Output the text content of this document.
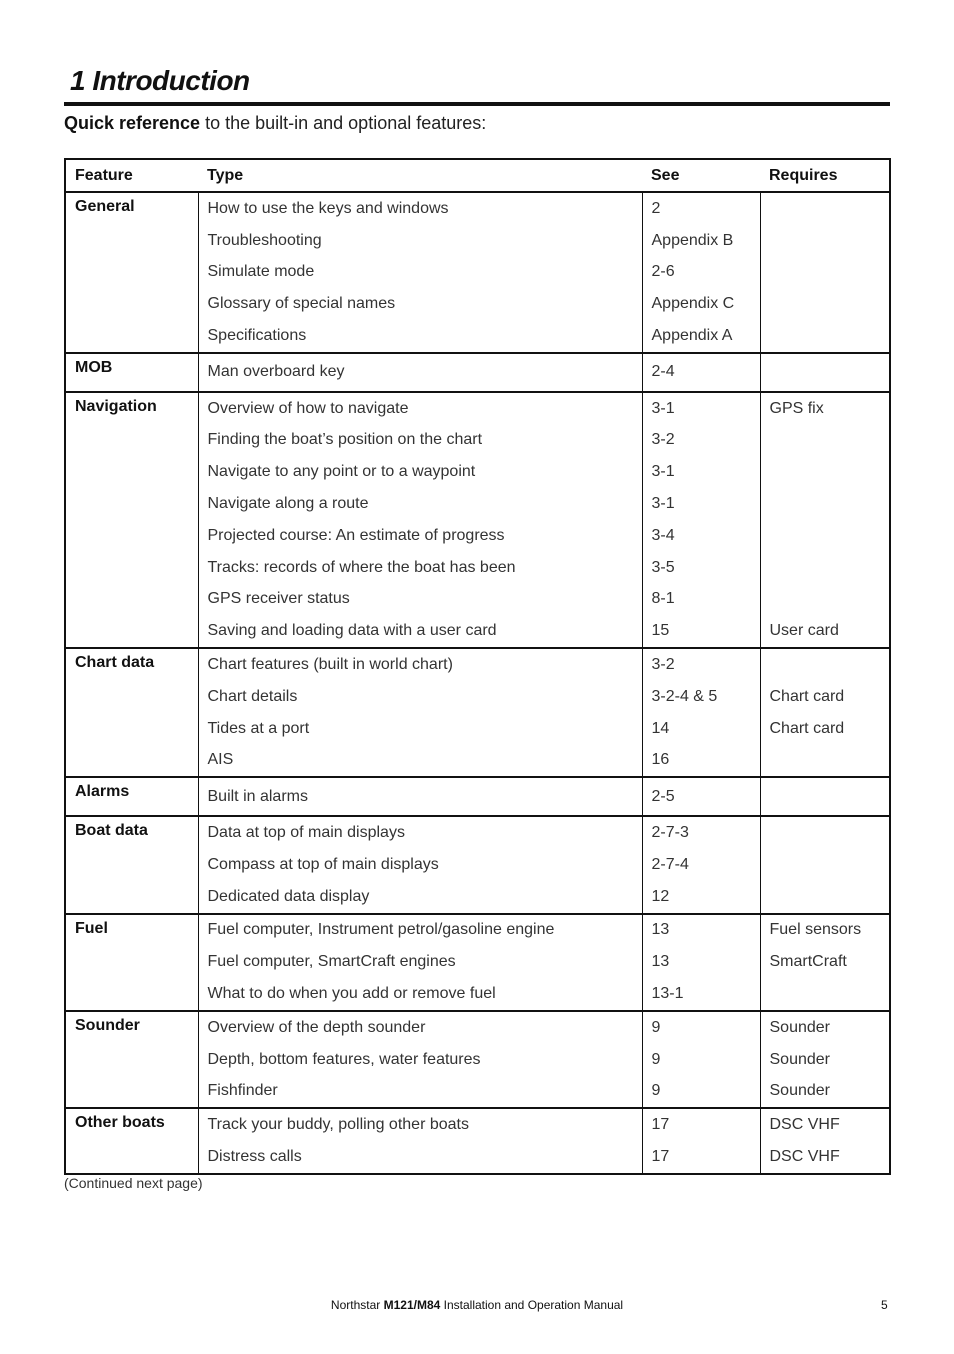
1 Introduction
Quick reference to the built-in and optional features:
Feature	Type	See	Requires
General	How to use the keys and windows	2	
	Troubleshooting	Appendix B	
	Simulate mode	2-6	
	Glossary of special names	Appendix C	
	Specifications	Appendix A	
MOB	Man overboard key	2-4	
Navigation	Overview of how to navigate	3-1	GPS fix
	Finding the boat’s position on the chart	3-2	
	Navigate to any point or to a waypoint	3-1	
	Navigate along a route	3-1	
	Projected course: An estimate of progress	3-4	
	Tracks: records of where the boat has been	3-5	
	GPS receiver status	8-1	
	Saving and loading data with a user card	15	User card
Chart data	Chart features (built in world chart)	3-2	
	Chart details	3-2-4 & 5	Chart card
	Tides at a port	14	Chart card
	AIS	16	
Alarms	Built in alarms	2-5	
Boat data	Data at top of main displays	2-7-3	
	Compass at top of main displays	2-7-4	
	Dedicated data display	12	
Fuel	Fuel computer, Instrument petrol/gasoline engine	13	Fuel sensors
	Fuel computer, SmartCraft engines	13	SmartCraft
	What to do when you add or remove fuel	13-1	
Sounder	Overview of the depth sounder	9	Sounder
	Depth, bottom features, water features	9	Sounder
	Fishfinder	9	Sounder
Other boats	Track your buddy, polling other boats	17	DSC VHF
	Distress calls	17	DSC VHF
(Continued next page)
Northstar M121/M84 Installation and Operation Manual	5
